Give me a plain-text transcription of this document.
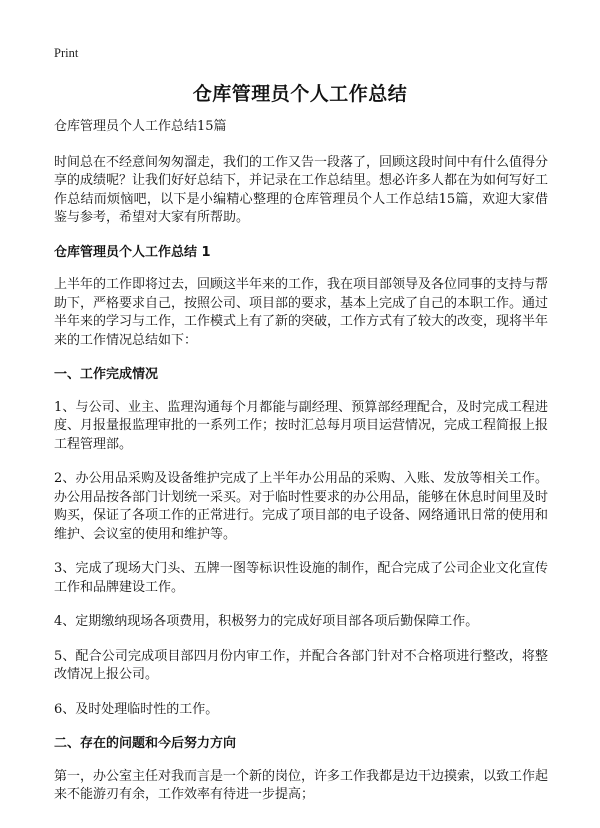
Print
仓库管理员个人工作总结

仓库管理员个人工作总结15篇

时间总在不经意间匆匆溜走，我们的工作又告一段落了，回顾这段时间中有什么值得分享的成绩呢？让我们好好总结下，并记录在工作总结里。想必许多人都在为如何写好工作总结而烦恼吧，以下是小编精心整理的仓库管理员个人工作总结15篇，欢迎大家借鉴与参考，希望对大家有所帮助。

仓库管理员个人工作总结 1

上半年的工作即将过去，回顾这半年来的工作，我在项目部领导及各位同事的支持与帮助下，严格要求自己，按照公司、项目部的要求，基本上完成了自己的本职工作。通过半年来的学习与工作，工作模式上有了新的突破，工作方式有了较大的改变，现将半年来的工作情况总结如下：

一、工作完成情况

1、与公司、业主、监理沟通每个月都能与副经理、预算部经理配合，及时完成工程进度、月报量报监理审批的一系列工作；按时汇总每月项目运营情况，完成工程简报上报工程管理部。

2、办公用品采购及设备维护完成了上半年办公用品的采购、入账、发放等相关工作。办公用品按各部门计划统一采买。对于临时性要求的办公用品，能够在休息时间里及时购买，保证了各项工作的正常进行。完成了项目部的电子设备、网络通讯日常的使用和维护、会议室的使用和维护等。

3、完成了现场大门头、五牌一图等标识性设施的制作，配合完成了公司企业文化宣传工作和品牌建设工作。

4、定期缴纳现场各项费用，积极努力的完成好项目部各项后勤保障工作。

5、配合公司完成项目部四月份内审工作，并配合各部门针对不合格项进行整改，将整改情况上报公司。

6、及时处理临时性的工作。

二、存在的问题和今后努力方向

第一，办公室主任对我而言是一个新的岗位，许多工作我都是边干边摸索，以致工作起来不能游刃有余，工作效率有待进一步提高；
